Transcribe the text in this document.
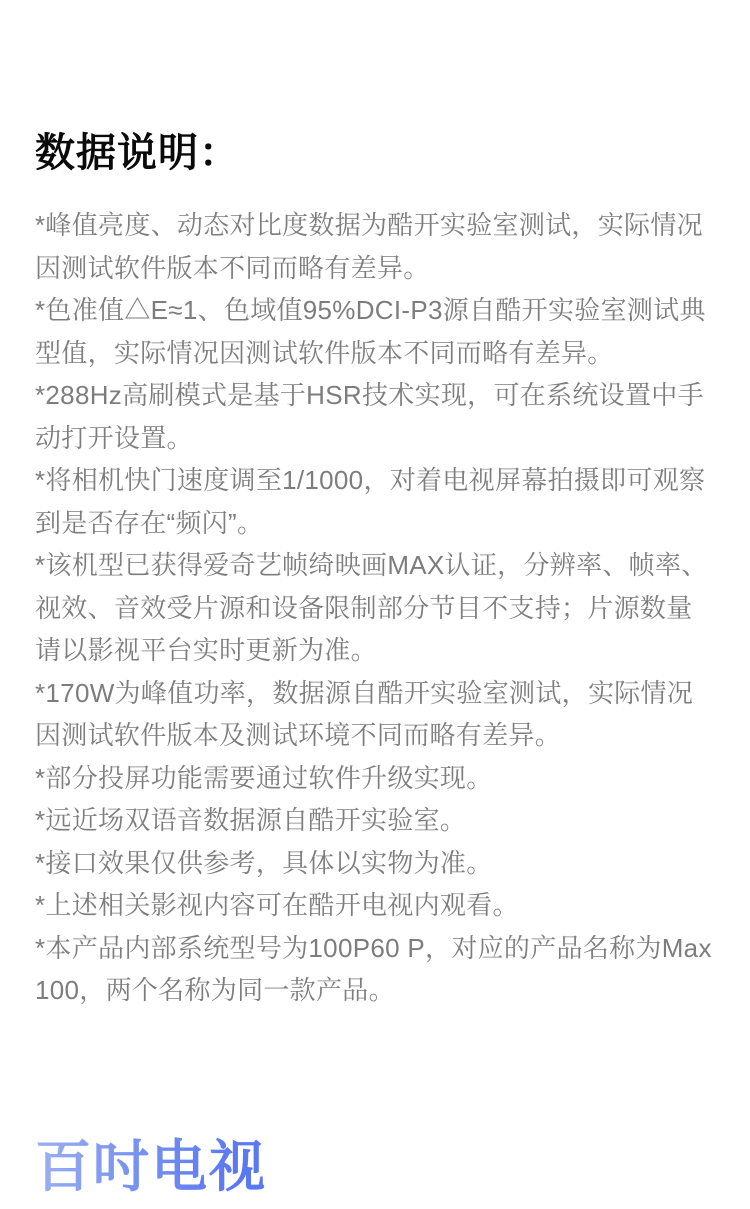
数据说明：

*峰值亮度、动态对比度数据为酷开实验室测试，实际情况因测试软件版本不同而略有差异。

*色准值△E≈1、色域值95%DCI-P3源自酷开实验室测试典型值，实际情况因测试软件版本不同而略有差异。

*288Hz高刷模式是基于HSR技术实现，可在系统设置中手动打开设置。

*将相机快门速度调至1/1000，对着电视屏幕拍摄即可观察到是否存在“频闪”。

*该机型已获得爱奇艺帧绮映画MAX认证，分辨率、帧率、视效、音效受片源和设备限制部分节目不支持；片源数量请以影视平台实时更新为准。

*170W为峰值功率，数据源自酷开实验室测试，实际情况因测试软件版本及测试环境不同而略有差异。

*部分投屏功能需要通过软件升级实现。

*远近场双语音数据源自酷开实验室。

*接口效果仅供参考，具体以实物为准。

*上述相关影视内容可在酷开电视内观看。

*本产品内部系统型号为100P60 P，对应的产品名称为Max100，两个名称为同一款产品。

百吋电视
